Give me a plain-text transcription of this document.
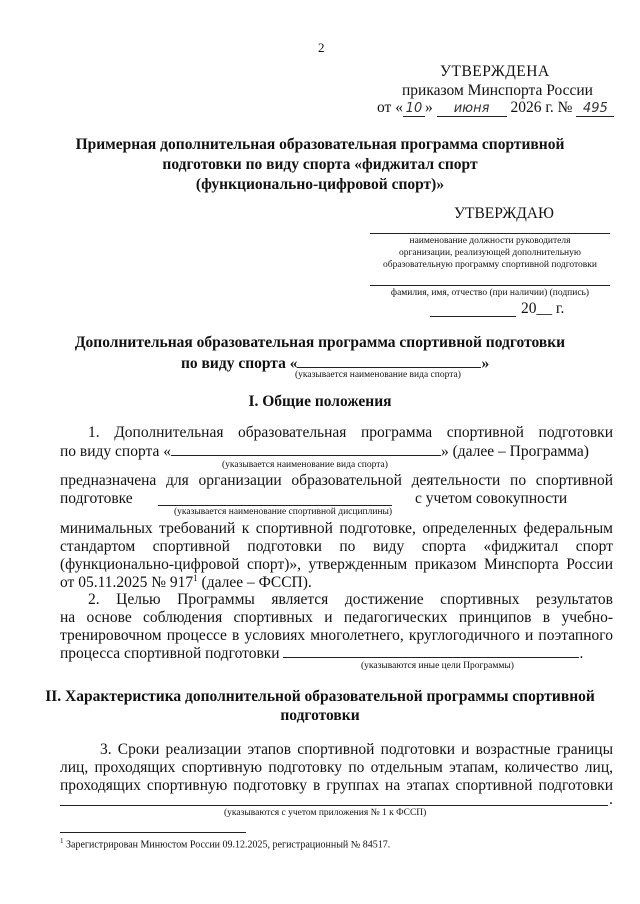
2
УТВЕРЖДЕНА
приказом Минспорта России
от « 10 » июня 2026 г. № 495
Примерная дополнительная образовательная программа спортивной
подготовки по виду спорта «фиджитал спорт
(функционально-цифровой спорт)»
УТВЕРЖДАЮ
наименование должности руководителя
организации, реализующей дополнительную
образовательную программу спортивной подготовки
фамилия, имя, отчество (при наличии) (подпись)
20__ г.
Дополнительная образовательная программа спортивной подготовки
по виду спорта «	»
(указывается наименование вида спорта)
I. Общие положения
1. Дополнительная образовательная программа спортивной подготовки
по виду спорта «	» (далее – Программа)
(указывается наименование вида спорта)
предназначена для организации образовательной деятельности по спортивной
подготовке	с учетом совокупности
(указывается наименование спортивной дисциплины)
минимальных требований к спортивной подготовке, определенных федеральным
стандартом спортивной подготовки по виду спорта «фиджитал спорт
(функционально-цифровой спорт)», утвержденным приказом Минспорта России
от 05.11.2025 № $917^1$ (далее – ФССП).
2. Целью Программы является достижение спортивных результатов
на основе соблюдения спортивных и педагогических принципов в учебно-
тренировочном процессе в условиях многолетнего, круглогодичного и поэтапного
процесса спортивной подготовки	.
(указываются иные цели Программы)
II. Характеристика дополнительной образовательной программы спортивной
подготовки
3. Сроки реализации этапов спортивной подготовки и возрастные границы
лиц, проходящих спортивную подготовку по отдельным этапам, количество лиц,
проходящих спортивную подготовку в группах на этапах спортивной подготовки
.
(указываются с учетом приложения № 1 к ФССП)
$^1$ Зарегистрирован Минюстом России 09.12.2025, регистрационный № 84517.
